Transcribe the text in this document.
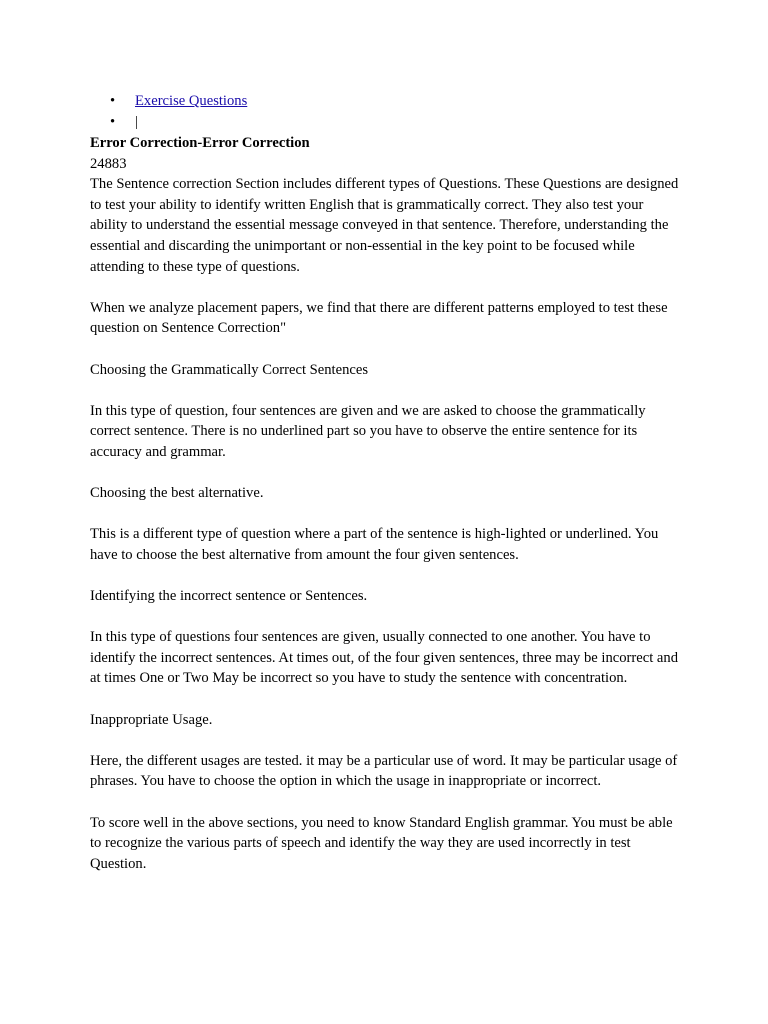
• Exercise Questions
• |
Error Correction-Error Correction
24883

The Sentence correction Section includes different types of Questions. These Questions are designed to test your ability to identify written English that is grammatically correct. They also test your ability to understand the essential message conveyed in that sentence. Therefore, understanding the essential and discarding the unimportant or non-essential in the key point to be focused while attending to these type of questions.

When we analyze placement papers, we find that there are different patterns employed to test these question on Sentence Correction"

Choosing the Grammatically Correct Sentences

In this type of question, four sentences are given and we are asked to choose the grammatically correct sentence. There is no underlined part so you have to observe the entire sentence for its accuracy and grammar.

Choosing the best alternative.

This is a different type of question where a part of the sentence is high-lighted or underlined. You have to choose the best alternative from amount the four given sentences.

Identifying the incorrect sentence or Sentences.

In this type of questions four sentences are given, usually connected to one another. You have to identify the incorrect sentences. At times out, of the four given sentences, three may be incorrect and at times One or Two May be incorrect so you have to study the sentence with concentration.

Inappropriate Usage.

Here, the different usages are tested. it may be a particular use of word. It may be particular usage of phrases. You have to choose the option in which the usage in inappropriate or incorrect.

To score well in the above sections, you need to know Standard English grammar. You must be able to recognize the various parts of speech and identify the way they are used incorrectly in test Question.
